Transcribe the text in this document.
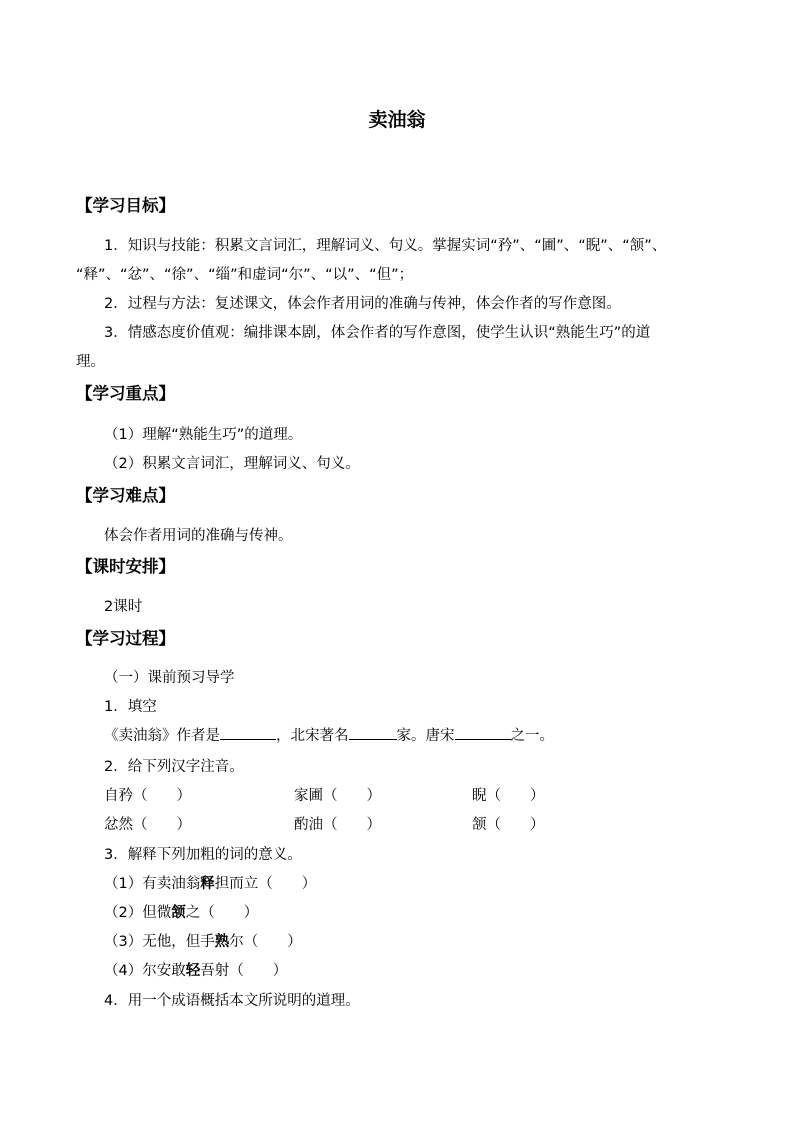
卖油翁
【学习目标】
1．知识与技能：积累文言词汇，理解词义、句义。掌握实词“矜”、“圃”、“睨”、“颔”、
“释”、“忿”、“徐”、“缁”和虚词“尔”、“以”、“但”；
2．过程与方法：复述课文，体会作者用词的准确与传神，体会作者的写作意图。
3．情感态度价值观：编排课本剧，体会作者的写作意图，使学生认识“熟能生巧”的道
理。
【学习重点】
（1）理解“熟能生巧”的道理。
（2）积累文言词汇，理解词义、句义。
【学习难点】
体会作者用词的准确与传神。
【课时安排】
2课时
【学习过程】
（一）课前预习导学
1．填空
《卖油翁》作者是	，北宋著名	家。唐宋	之一。
2．给下列汉字注音。
自矜（　　）	家圃（　　）	睨（　　）
忿然（　　）	酌油（　　）	颔（　　）
3．解释下列加粗的词的意义。
（1）有卖油翁释担而立（　　）
（2）但微颔之（　　）
（3）无他，但手熟尔（　　）
（4）尔安敢轻吾射（　　）
4．用一个成语概括本文所说明的道理。
